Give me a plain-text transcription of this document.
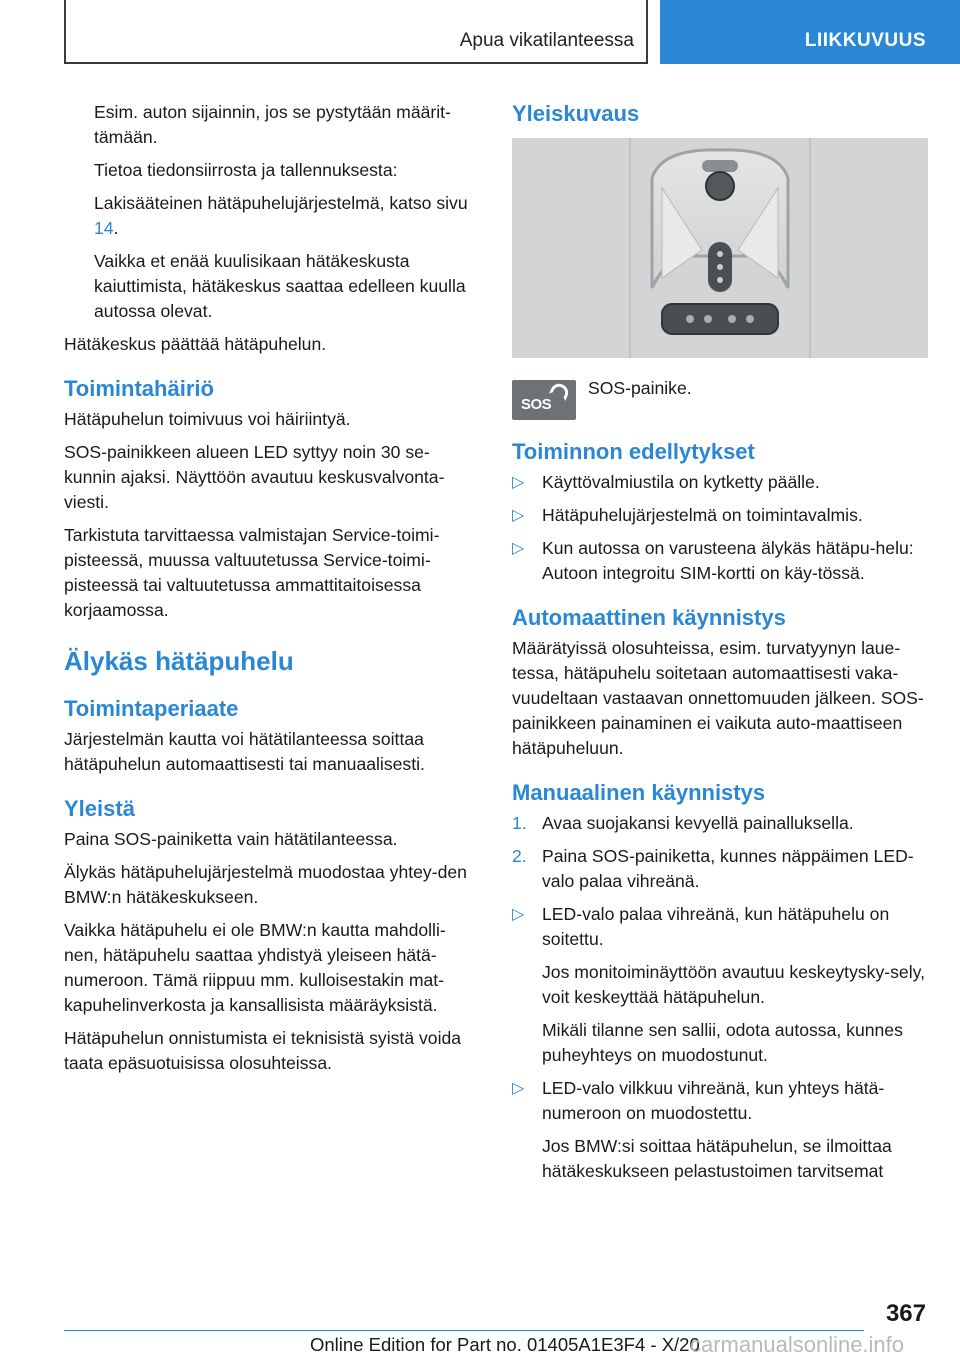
Apua vikatilanteessa	LIIKKUVUUS

Esim. auton sijainnin, jos se pystytään määrit-tämään.

Tietoa tiedonsiirrosta ja tallennuksesta:

Lakisääteinen hätäpuhelujärjestelmä, katso sivu 14.

Vaikka et enää kuulisikaan hätäkeskusta kaiuttimista, hätäkeskus saattaa edelleen kuulla autossa olevat.

Hätäkeskus päättää hätäpuhelun.

Toimintahäiriö

Hätäpuhelun toimivuus voi häiriintyä.

SOS-painikkeen alueen LED syttyy noin 30 se-kunnin ajaksi. Näyttöön avautuu keskusvalvonta-viesti.

Tarkistuta tarvittaessa valmistajan Service-toimi-pisteessä, muussa valtuutetussa Service-toimi-pisteessä tai valtuutetussa ammattitaitoisessa korjaamossa.

Älykäs hätäpuhelu
Toimintaperiaate

Järjestelmän kautta voi hätätilanteessa soittaa hätäpuhelun automaattisesti tai manuaalisesti.

Yleistä

Paina SOS-painiketta vain hätätilanteessa.

Älykäs hätäpuhelujärjestelmä muodostaa yhtey-den BMW:n hätäkeskukseen.

Vaikka hätäpuhelu ei ole BMW:n kautta mahdolli-nen, hätäpuhelu saattaa yhdistyä yleiseen hätä-numeroon. Tämä riippuu mm. kulloisestakin mat-kapuhelinverkosta ja kansallisista määräyksistä.

Hätäpuhelun onnistumista ei teknisistä syistä voida taata epäsuotuisissa olosuhteissa.

Yleiskuvaus
SOS
SOS-painike.
Toiminnon edellytykset
▷	Käyttövalmiustila on kytketty päälle.
▷	Hätäpuhelujärjestelmä on toimintavalmis.
▷	Kun autossa on varusteena älykäs hätäpu-helu: Autoon integroitu SIM-kortti on käy-tössä.
Automaattinen käynnistys

Määrätyissä olosuhteissa, esim. turvatyynyn laue-tessa, hätäpuhelu soitetaan automaattisesti vaka-vuudeltaan vastaavan onnettomuuden jälkeen. SOS-painikkeen painaminen ei vaikuta auto-maattiseen hätäpuheluun.

Manuaalinen käynnistys
1. Avaa suojakansi kevyellä painalluksella.
2. Paina SOS-painiketta, kunnes näppäimen LED-valo palaa vihreänä.
▷	LED-valo palaa vihreänä, kun hätäpuhelu on soitettu.

Jos monitoiminäyttöön avautuu keskeytysky-sely, voit keskeyttää hätäpuhelun.

Mikäli tilanne sen sallii, odota autossa, kunnes puheyhteys on muodostunut.

▷	LED-valo vilkkuu vihreänä, kun yhteys hätä-numeroon on muodostettu.

Jos BMW:si soittaa hätäpuhelun, se ilmoittaa hätäkeskukseen pelastustoimen tarvitsemat

367
Online Edition for Part no. 01405A1E3F4 - X/20
carmanualsonline.info
